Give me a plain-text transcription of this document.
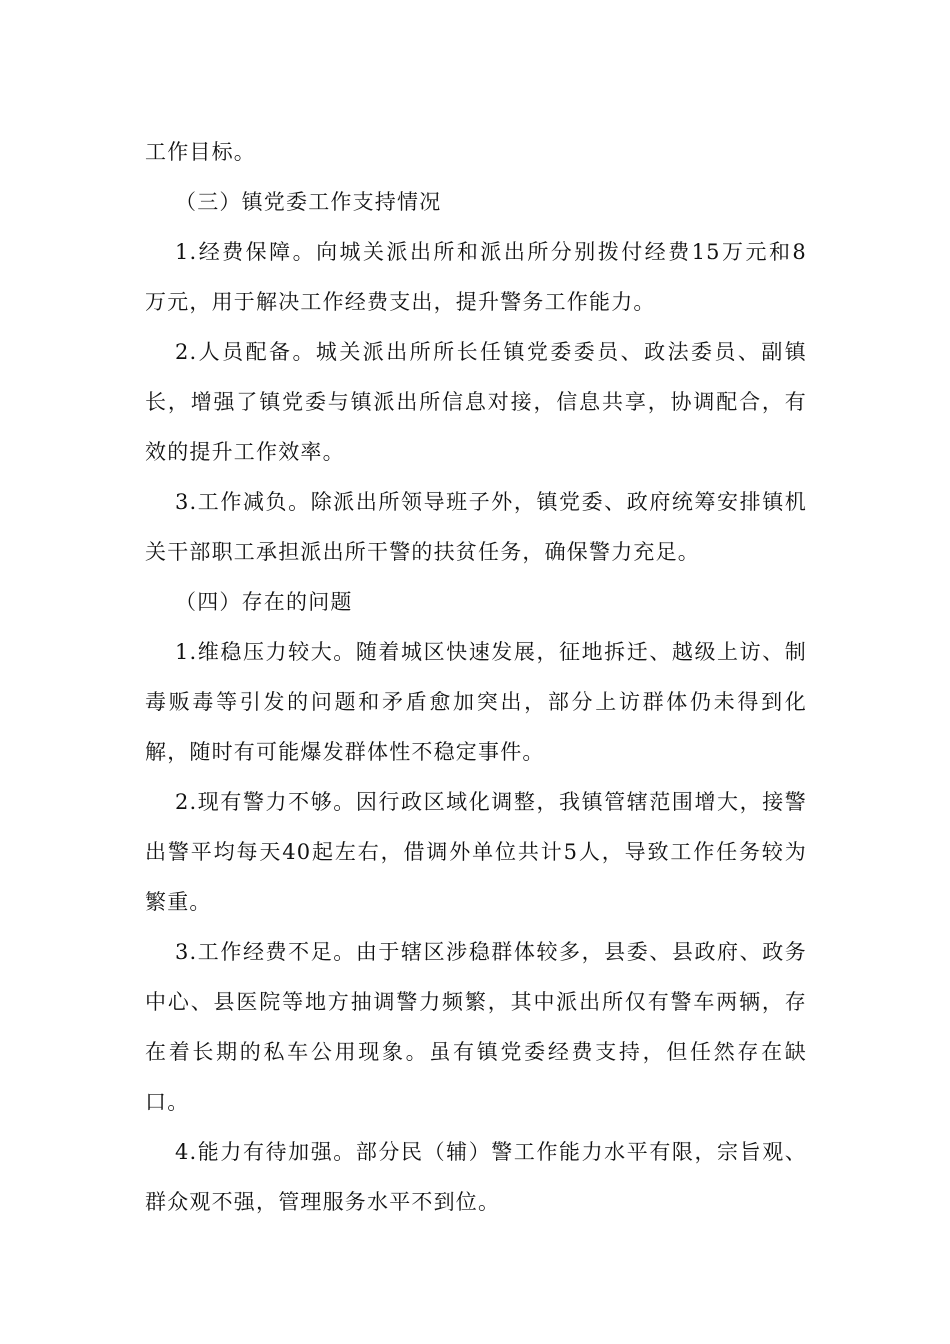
工作目标。
（三）镇党委工作支持情况
1.经费保障。向城关派出所和派出所分别拨付经费15万元和8
万元，用于解决工作经费支出，提升警务工作能力。
2.人员配备。城关派出所所长任镇党委委员、政法委员、副镇
长，增强了镇党委与镇派出所信息对接，信息共享，协调配合，有
效的提升工作效率。
3.工作减负。除派出所领导班子外，镇党委、政府统筹安排镇机
关干部职工承担派出所干警的扶贫任务，确保警力充足。
（四）存在的问题
1.维稳压力较大。随着城区快速发展，征地拆迁、越级上访、制
毒贩毒等引发的问题和矛盾愈加突出，部分上访群体仍未得到化
解，随时有可能爆发群体性不稳定事件。
2.现有警力不够。因行政区域化调整，我镇管辖范围增大，接警
出警平均每天40起左右，借调外单位共计5人，导致工作任务较为
繁重。
3.工作经费不足。由于辖区涉稳群体较多，县委、县政府、政务
中心、县医院等地方抽调警力频繁，其中派出所仅有警车两辆，存
在着长期的私车公用现象。虽有镇党委经费支持，但任然存在缺
口。
4.能力有待加强。部分民（辅）警工作能力水平有限，宗旨观、
群众观不强，管理服务水平不到位。
